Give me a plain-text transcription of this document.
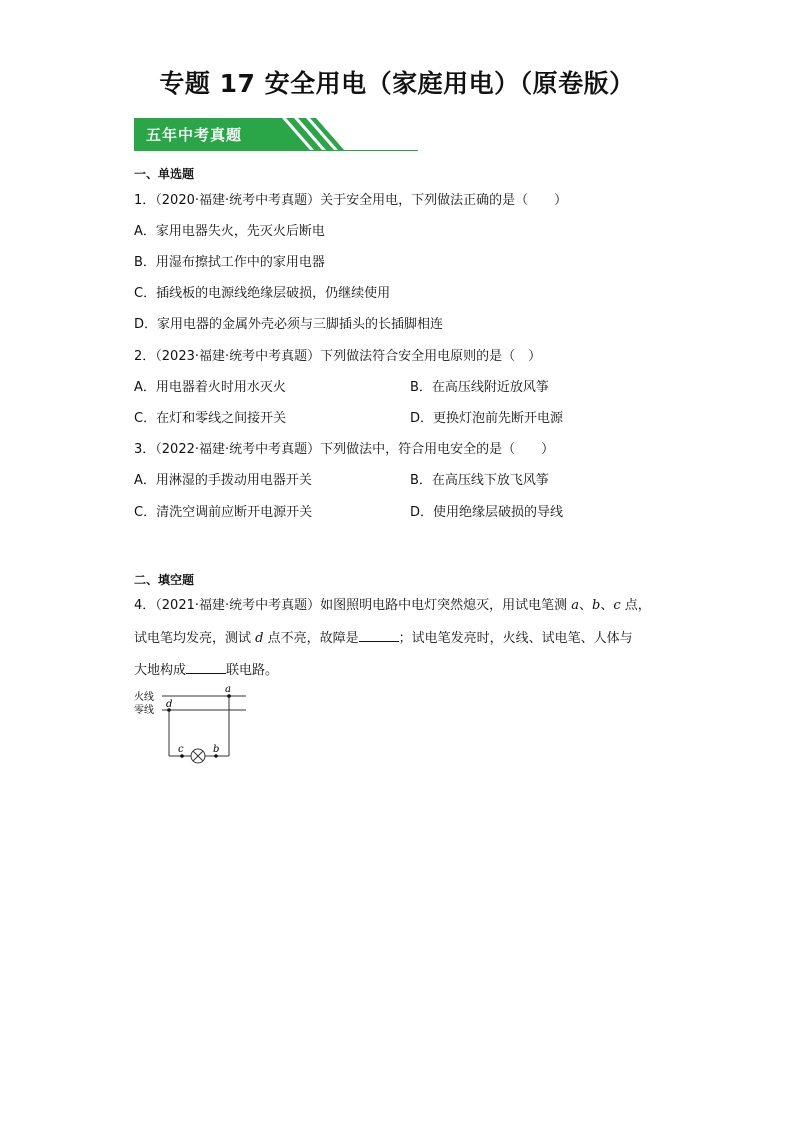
专题 17 安全用电（家庭用电）（原卷版）
五年中考真题
一、单选题
1．（2020·福建·统考中考真题）关于安全用电，下列做法正确的是（　　）
A．家用电器失火，先灭火后断电
B．用湿布擦拭工作中的家用电器
C．插线板的电源线绝缘层破损，仍继续使用
D．家用电器的金属外壳必须与三脚插头的长插脚相连
2．（2023·福建·统考中考真题）下列做法符合安全用电原则的是（　）
A．用电器着火时用水灭火	B．在高压线附近放风筝
C．在灯和零线之间接开关	D．更换灯泡前先断开电源
3．（2022·福建·统考中考真题）下列做法中，符合用电安全的是（　　）
A．用淋湿的手拨动用电器开关	B．在高压线下放飞风筝
C．清洗空调前应断开电源开关	D．使用绝缘层破损的导线
二、填空题
4．（2021·福建·统考中考真题）如图照明电路中电灯突然熄灭，用试电笔测 a、b、c 点，
试电笔均发亮，测试 d 点不亮，故障是	；试电笔发亮时，火线、试电笔、人体与
大地构成	联电路。
火线
零线
a
d
c	b
